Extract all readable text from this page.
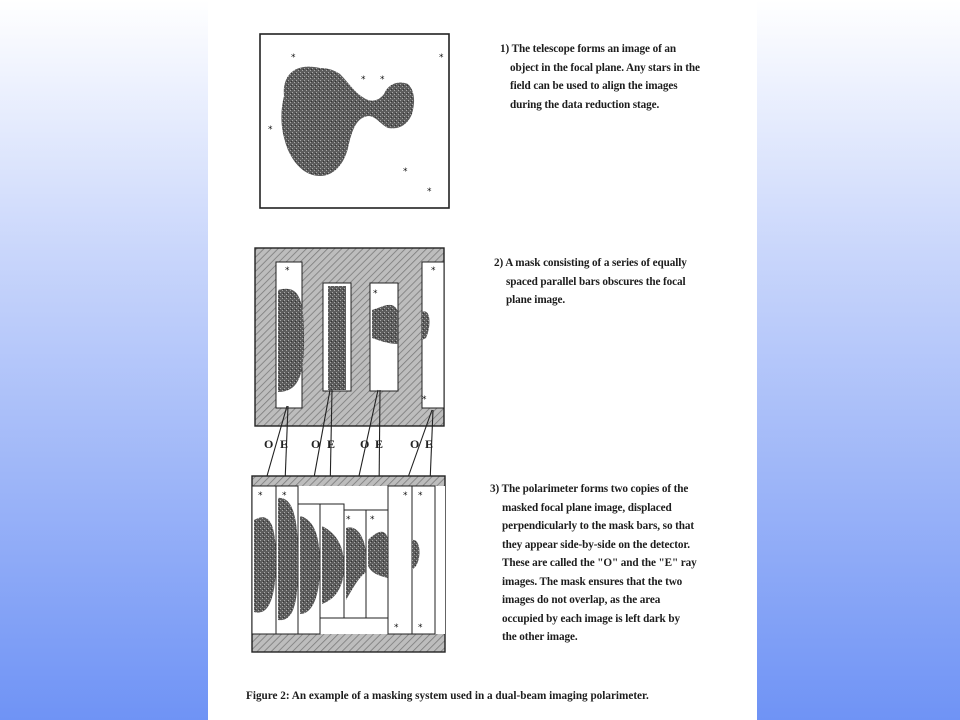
O E O E O E O E
*	*
* *
*
*
*
*	*
*
*
* *
* *
* *
* *
1) The telescope forms an image of an
object in the focal plane. Any stars in the
field can be used to align the images
during the data reduction stage.
2) A mask consisting of a series of equally
spaced parallel bars obscures the focal
plane image.
3) The polarimeter forms two copies of the
masked focal plane image, displaced
perpendicularly to the mask bars, so that
they appear side-by-side on the detector.
These are called the "O" and the "E" ray
images. The mask ensures that the two
images do not overlap, as the area
occupied by each image is left dark by
the other image.
Figure 2: An example of a masking system used in a dual-beam imaging polarimeter.
